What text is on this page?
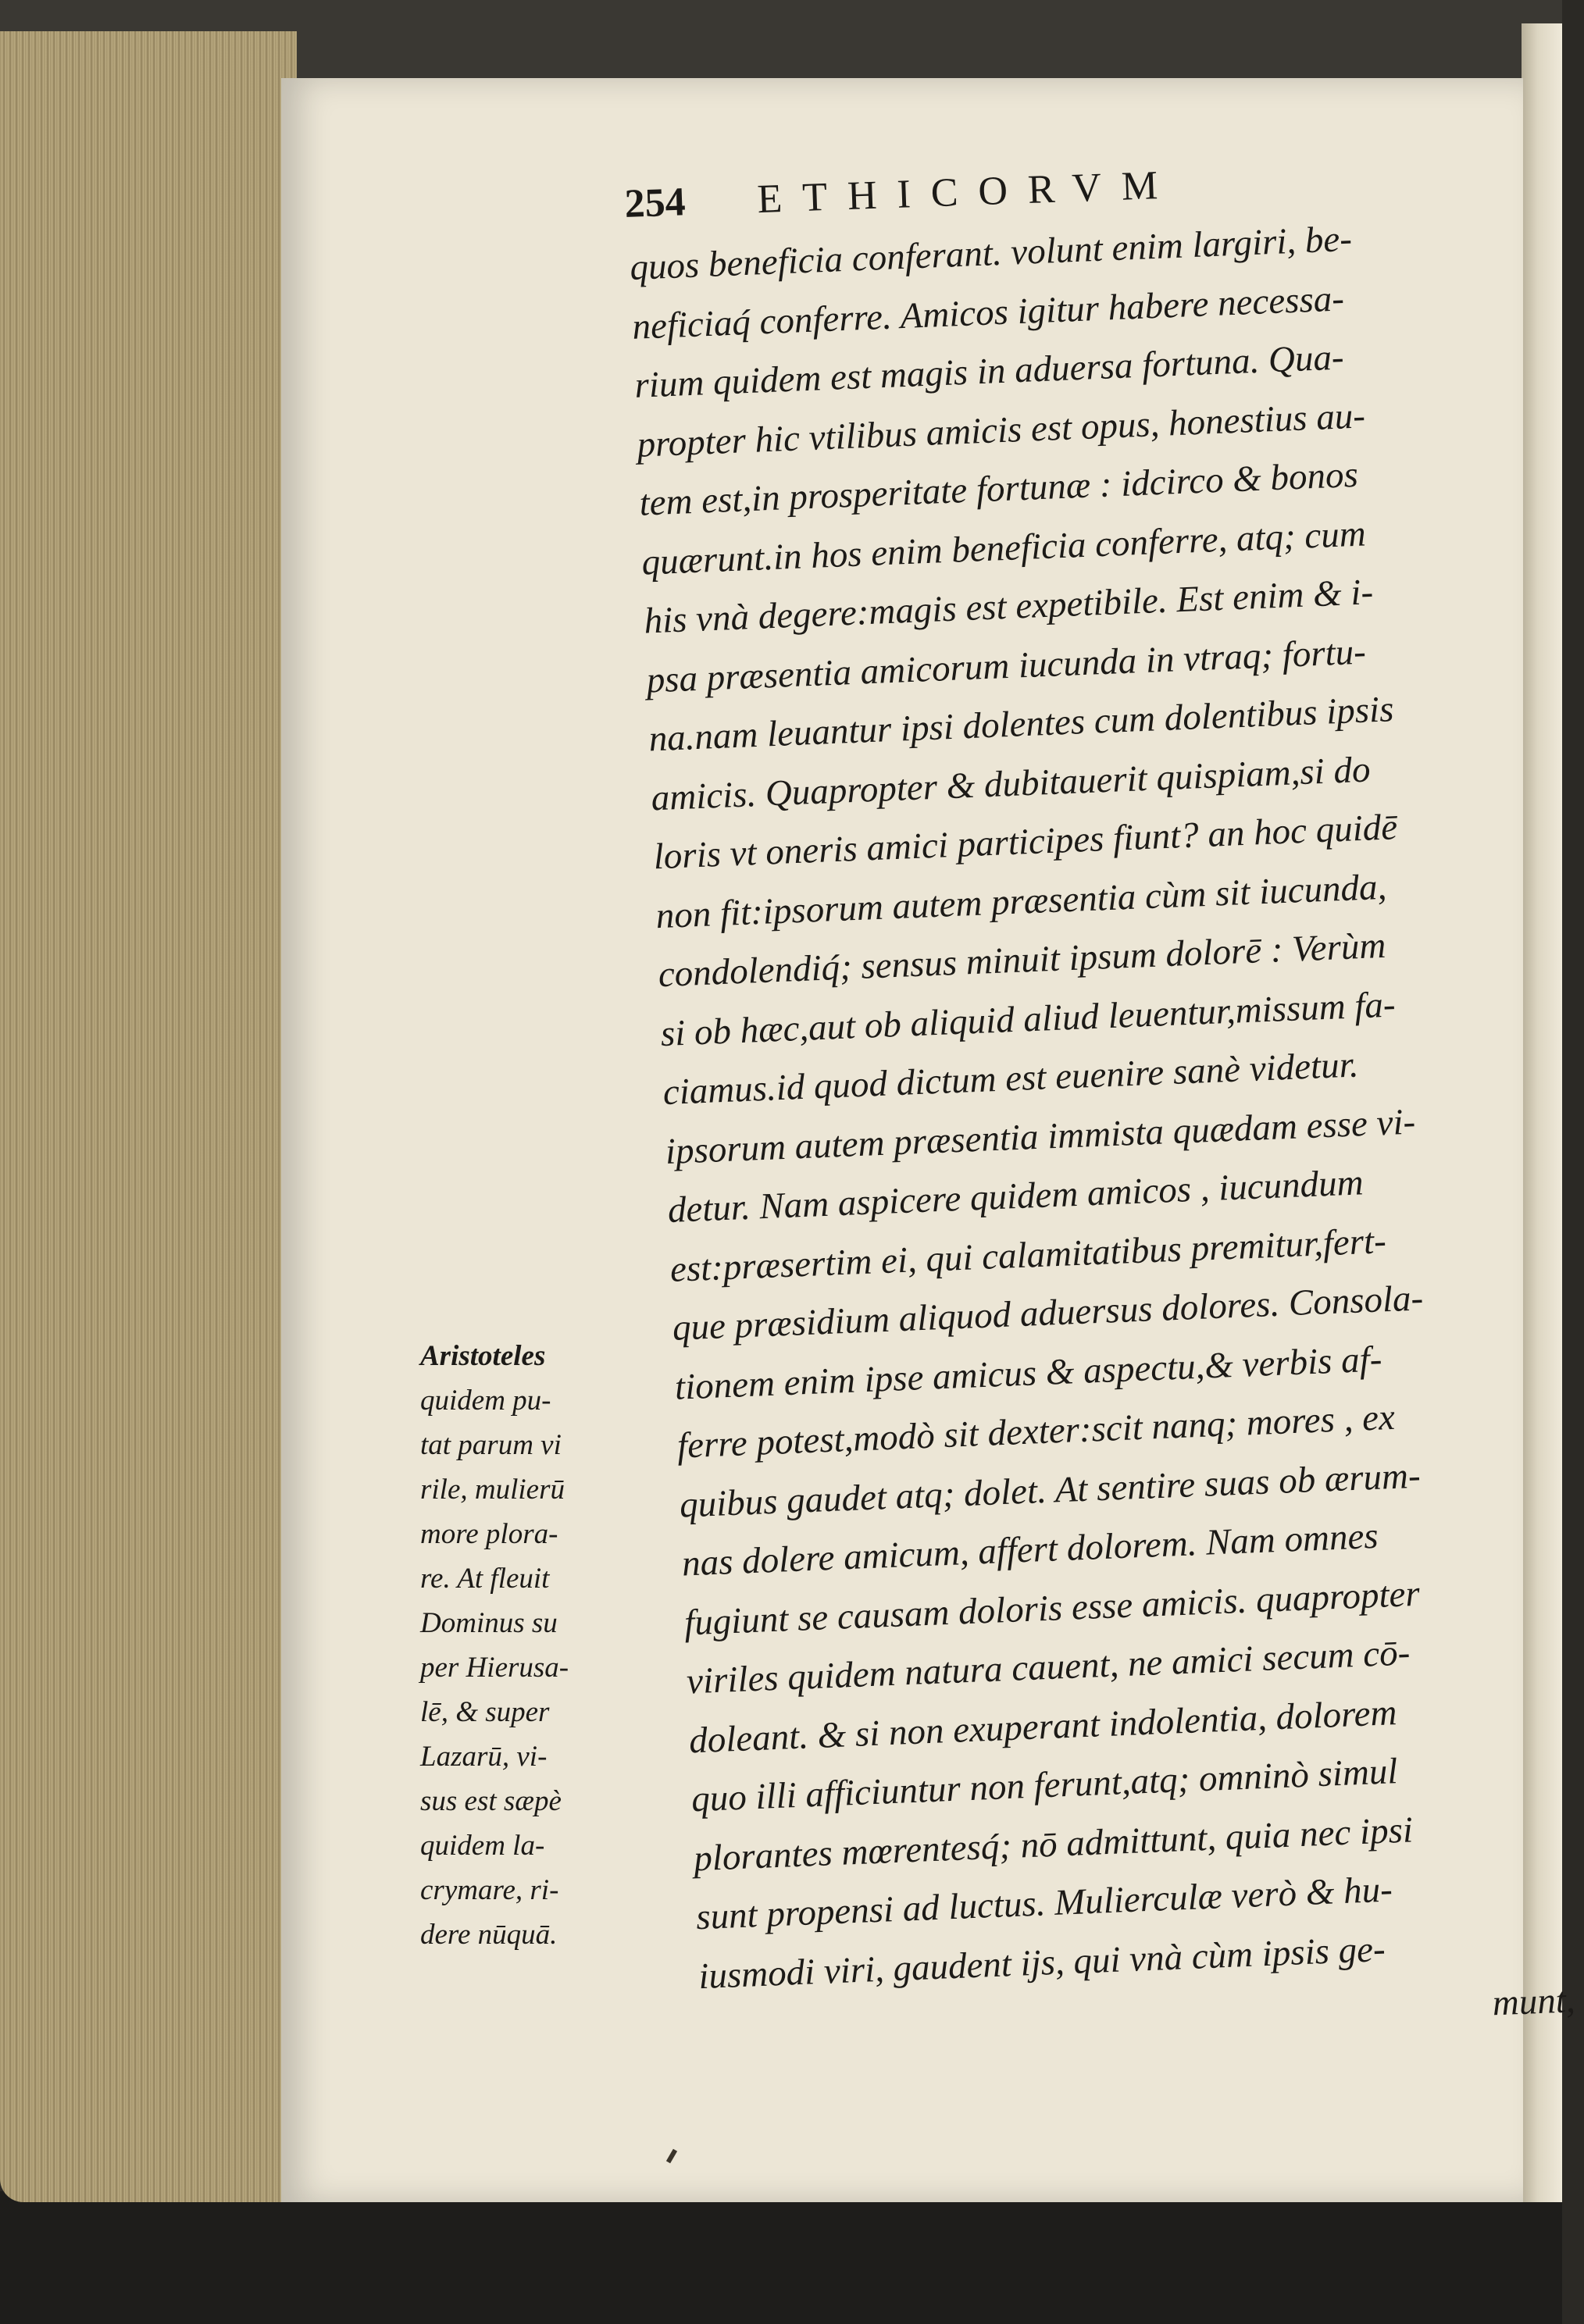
254 ETHICORVM
quos beneficia conferant. volunt enim largiri, be-
neficiaq́ conferre. Amicos igitur habere necessa-
rium quidem est magis in aduersa fortuna. Qua-
propter hic vtilibus amicis est opus, honestius au-
tem est,in prosperitate fortunæ : idcirco & bonos
quærunt.in hos enim beneficia conferre, atq; cum
his vnà degere:magis est expetibile. Est enim & i-
psa præsentia amicorum iucunda in vtraq; fortu-
na.nam leuantur ipsi dolentes cum dolentibus ipsis
amicis. Quapropter & dubitauerit quispiam,si do
loris vt oneris amici participes fiunt? an hoc quidē
non fit:ipsorum autem præsentia cùm sit iucunda,
condolendiq́; sensus minuit ipsum dolorē : Verùm
si ob hæc,aut ob aliquid aliud leuentur,missum fa-
ciamus.id quod dictum est euenire sanè videtur.
ipsorum autem præsentia immista quædam esse vi-
detur. Nam aspicere quidem amicos , iucundum
est:præsertim ei, qui calamitatibus premitur,fert-
que præsidium aliquod aduersus dolores. Consola-
tionem enim ipse amicus & aspectu,& verbis af-
ferre potest,modò sit dexter:scit nanq; mores , ex
quibus gaudet atq; dolet. At sentire suas ob ærum-
nas dolere amicum, affert dolorem. Nam omnes
fugiunt se causam doloris esse amicis. quapropter
viriles quidem natura cauent, ne amici secum cō-
doleant. & si non exuperant indolentia, dolorem
quo illi afficiuntur non ferunt,atq; omninò simul
plorantes mœrentesq́; nō admittunt, quia nec ipsi
sunt propensi ad luctus. Mulierculæ verò & hu-
iusmodi viri, gaudent ijs, qui vnà cùm ipsis ge-
munt,
Aristoteles
quidem pu-
tat parum vi
rile, mulierū
more plora-
re. At fleuit
Dominus su
per Hierusa-
lē, & super
Lazarū, vi-
sus est sæpè
quidem la-
crymare, ri-
dere nūquā.
